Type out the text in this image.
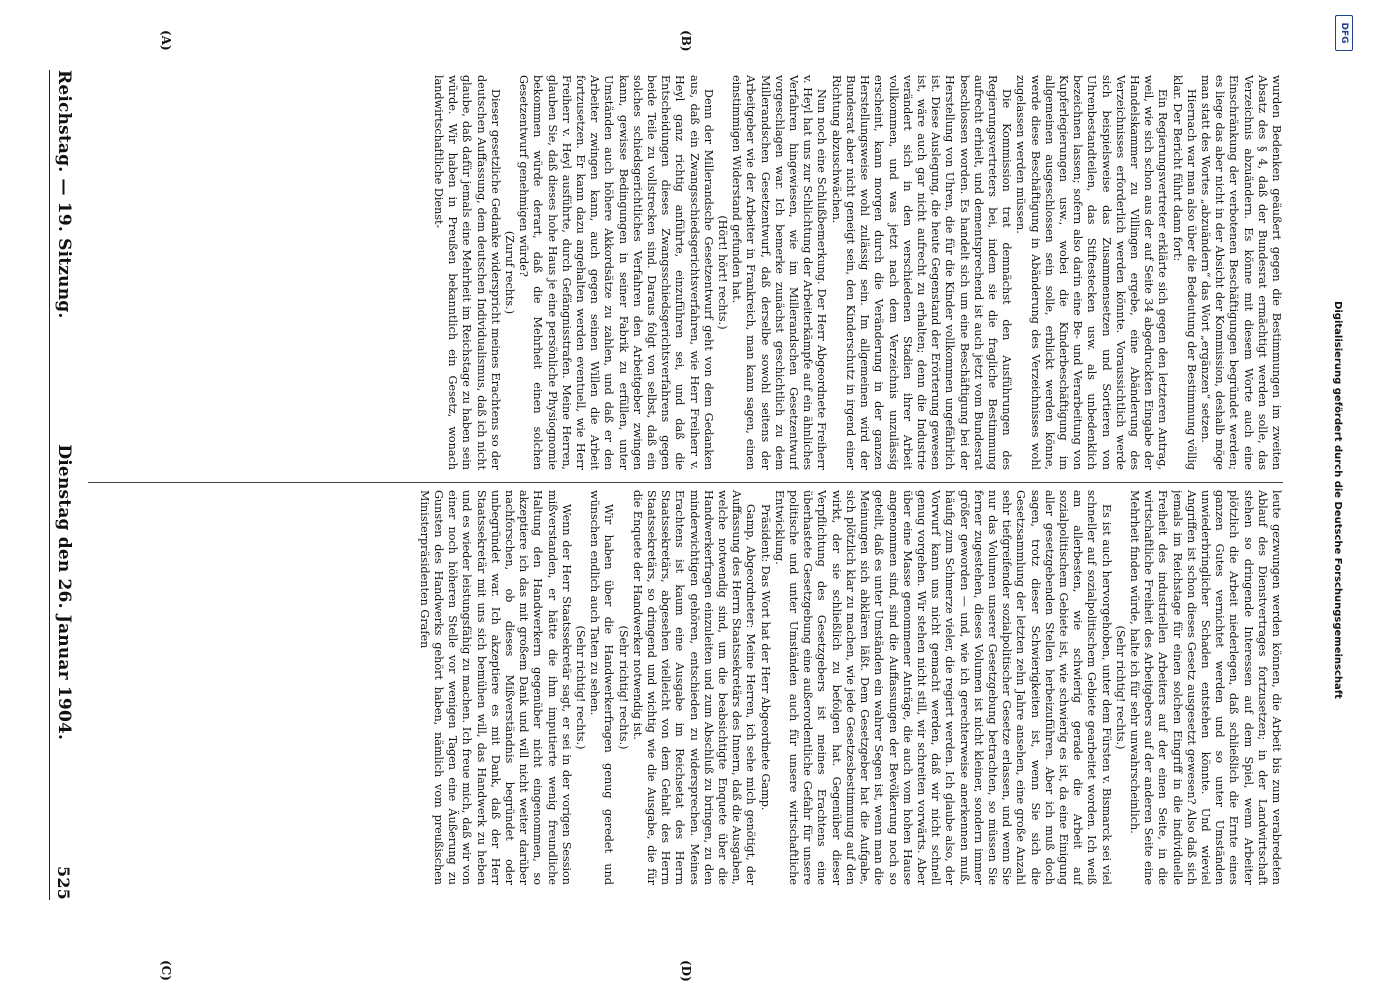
Reichstag. — 19. Sitzung.
Dienstag den 26. Januar 1904.
525
(A)	(B)
(C)	(D)

wurden Bedenken geäußert gegen die Bestimmungen im zweiten Absatz des § 4, daß der Bundesrat ermächtigt werden solle, das Verzeichnis abzuändern. Es könne mit diesem Worte auch eine Einschränkung der verbotenen Beschäftigungen begründet werden; es liege das aber nicht in der Absicht der Kommission, deshalb möge man statt des Wortes „abzuändern“ das Wort „ergänzen“ setzen.

Hiernach war man also über die Bedeutung der Bestimmung völlig klar. Der Bericht führt dann fort:

Ein Regierungsvertreter erklärte sich gegen den letzteren Antrag, weil, wie sich schon aus der auf Seite 34 abgedruckten Eingabe der Handelskammer zu Villingen ergebe, eine Abänderung des Verzeichnisses erforderlich werden könnte. Voraussichtlich werde sich beispielsweise das Zusammensetzen und Sortieren von Uhrenbestandteilen, das Stiftestecken usw. als unbedenklich bezeichnen lassen; sofern also darin eine Be- und Verarbeitung von Kupferlegierungen usw., wobei die Kinderbeschäftigung im allgemeinen ausgeschlossen sein solle, erblickt werden könne, werde diese Beschäftigung in Abänderung des Verzeichnisses wohl zugelassen werden müssen.

Die Kommission trat demnächst den Ausführungen des Regierungsvertreters bei, indem sie die fragliche Bestimmung aufrecht erhielt, und dementsprechend ist auch jetzt vom Bundesrat beschlossen worden. Es handelt sich um eine Beschäftigung bei der Herstellung von Uhren, die für die Kinder vollkommen ungefährlich ist. Diese Auslegung, die heute Gegenstand der Erörterung gewesen ist, wäre auch gar nicht aufrecht zu erhalten; denn die Industrie verändert sich in den verschiedenen Stadien ihrer Arbeit vollkommen, und was jetzt nach dem Verzeichnis unzulässig erscheint, kann morgen durch die Veränderung in der ganzen Herstellungsweise wohl zulässig sein. Im allgemeinen wird der Bundesrat aber nicht geneigt sein, den Kinderschutz in irgend einer Richtung abzuschwächen.

Nun noch eine Schlußbemerkung. Der Herr Abgeordnete Freiherr v. Heyl hat uns zur Schlichtung der Arbeiterkämpfe auf ein ähnliches Verfahren hingewiesen, wie im Millerandschen Gesetzentwurf vorgeschlagen war. Ich bemerke zunächst geschichtlich zu dem Millerandschen Gesetzentwurf, daß derselbe sowohl seitens der Arbeitgeber wie der Arbeiter in Frankreich, man kann sagen, einen einstimmigen Widerstand gefunden hat.

(Hört! hört! rechts.)

Denn der Millerandsche Gesetzentwurf geht von dem Gedanken aus, daß ein Zwangsschiedsgerichtsverfahren, wie Herr Freiherr v. Heyl ganz richtig anführte, einzuführen sei, und daß die Entscheidungen dieses Zwangsschiedsgerichtsverfahrens gegen beide Teile zu vollstrecken sind. Daraus folgt von selbst, daß ein solches schiedsgerichtliches Verfahren den Arbeitgeber zwingen kann, gewisse Bedingungen in seiner Fabrik zu erfüllen, unter Umständen auch höhere Akkordsätze zu zahlen, und daß er den Arbeiter zwingen kann, auch gegen seinen Willen die Arbeit fortzusetzen. Er kann dazu angehalten werden eventuell, wie Herr Freiherr v. Heyl ausführte, durch Gefängnisstrafen. Meine Herren, glauben Sie, daß dieses hohe Haus je eine persönliche Physiognomie bekommen würde derart, daß die Mehrheit einen solchen Gesetzentwurf genehmigen würde?

(Zuruf rechts.)

Dieser gesetzliche Gedanke widerspricht meines Erachtens so der deutschen Auffassung, dem deutschen Individualismus, daß ich nicht glaube, daß dafür jemals eine Mehrheit im Reichstage zu haben sein würde. Wir haben in Preußen bekanntlich ein Gesetz, wonach landwirtschaftliche Dienst-

leute gezwungen werden können, die Arbeit bis zum verabredeten Ablauf des Dienstvertrages fortzusetzen; in der Landwirtschaft stehen so dringende Interessen auf dem Spiel, wenn Arbeiter plötzlich die Arbeit niederlegen, daß schließlich die Ernte eines ganzen Gutes vernichtet werden und so unter Umständen unwiederbringlicher Schaden entstehen könnte. Und wieviel Angriffen ist schon dieses Gesetz ausgesetzt gewesen? Also daß sich jemals im Reichstage für einen solchen Eingriff in die individuelle Freiheit des industriellen Arbeiters auf der einen Seite, in die wirtschaftliche Freiheit des Arbeitgebers auf der anderen Seite eine Mehrheit finden würde, halte ich für sehr unwahrscheinlich.

(Sehr richtig! rechts.)

Es ist auch hervorgehoben, unter dem Fürsten v. Bismarck sei viel schneller auf sozialpolitischem Gebiete gearbeitet worden. Ich weiß am allerbesten, wie schwierig gerade die Arbeit auf sozialpolitischem Gebiete ist, wie schwierig es ist, da eine Einigung aller gesetzgebenden Stellen herbeizuführen. Aber ich muß doch sagen, trotz dieser Schwierigkeiten ist, wenn Sie sich die Gesetzsammlung der letzten zehn Jahre ansehen, eine große Anzahl sehr tiefgreifender sozialpolitischer Gesetze erlassen, und wenn Sie nur das Volumen unserer Gesetzgebung betrachten, so müssen Sie ferner zugestehen, dieses Volumen ist nicht kleiner, sondern immer größer geworden — und, wie ich gerechterweise anerkennen muß, häufig zum Schmerze vieler, die regiert werden. Ich glaube also, der Vorwurf kann uns nicht gemacht werden, daß wir nicht schnell genug vorgehen. Wir stehen nicht still, wir schreiten vorwärts. Aber über eine Masse genommener Anträge, die auch vom hohen Hause angenommen sind, sind die Auffassungen der Bevölkerung noch so geteilt, daß es unter Umständen ein wahrer Segen ist, wenn man die Meinungen sich abklären läßt. Dem Gesetzgeber hat die Aufgabe, sich plötzlich klar zu machen, wie jede Gesetzesbestimmung auf den wirkt, der sie schließlich zu befolgen hat. Gegenüber dieser Verpflichtung des Gesetzgebers ist meines Erachtens eine überhastete Gesetzgebung eine außerordentliche Gefahr für unsere politische und unter Umständen auch für unsere wirtschaftliche Entwicklung.

Präsident: Das Wort hat der Herr Abgeordnete Gamp.

Gamp, Abgeordneter: Meine Herren, ich sehe mich genötigt, der Auffassung des Herrn Staatssekretärs des Innern, daß die Ausgaben, welche notwendig sind, um die beabsichtigte Enquete über die Handwerkerfragen einzuleiten und zum Abschluß zu bringen, zu den minderwichtigen gehören, entschieden zu widersprechen. Meines Erachtens ist kaum eine Ausgabe im Reichsetat des Herrn Staatssekretärs, abgesehen vielleicht von dem Gehalt des Herrn Staatssekretärs, so dringend und wichtig wie die Ausgabe, die für die Enquete der Handwerker notwendig ist.

(Sehr richtig! rechts.)

Wir haben über die Handwerkerfragen genug geredet und wünschen endlich auch Taten zu sehen.

(Sehr richtig! rechts.)

Wenn der Herr Staatssekretär sagt, er sei in der vorigen Session mißverstanden, er hätte die ihm imputierte wenig freundliche Haltung den Handwerkern gegenüber nicht eingenommen, so akzeptiere ich das mit großem Dank und will nicht weiter darüber nachforschen, ob dieses Mißverständnis begründet oder unbegründet war. Ich akzeptiere es mit Dank, daß der Herr Staatssekretär mit uns sich bemühen will, das Handwerk zu heben und es wieder leistungsfähig zu machen. Ich freue mich, daß wir von einer noch höheren Stelle vor wenigen Tagen eine Äußerung zu Gunsten des Handwerks gehört haben, nämlich vom preußischen Ministerpräsidenten Grafen	Digitalisierung gefördert durch die Deutsche Forschungsgemeinschaft
DFG
